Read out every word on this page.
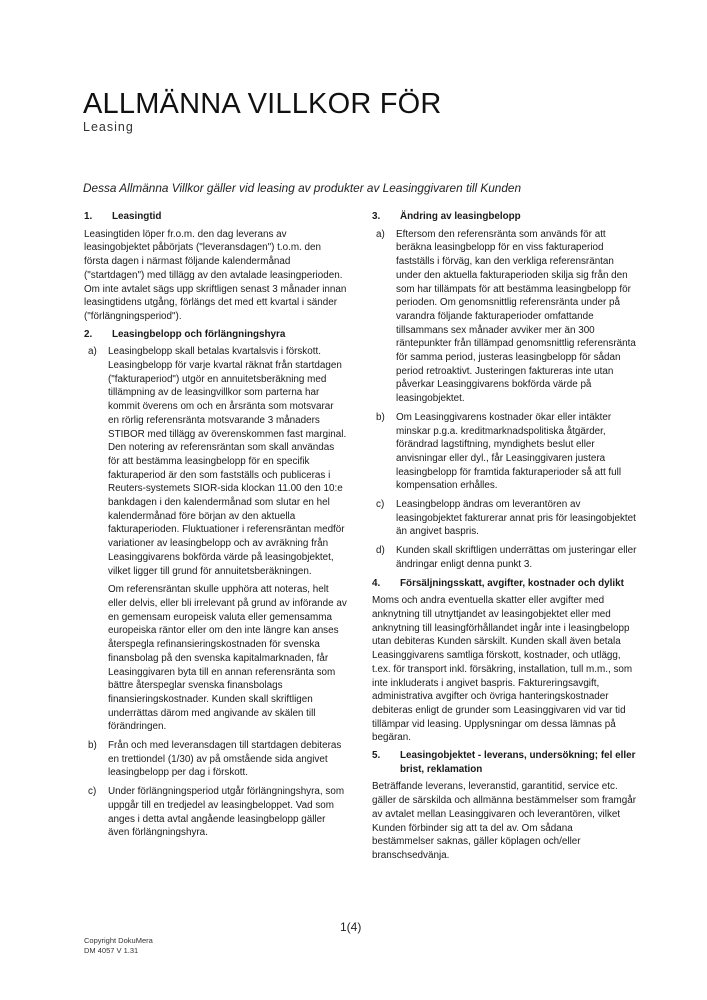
ALLMÄNNA VILLKOR FÖR
Leasing
Dessa Allmänna Villkor gäller vid leasing av produkter av Leasinggivaren till Kunden
1.	Leasingtid
Leasingtiden löper fr.o.m. den dag leverans av leasingobjektet påbörjats ("leveransdagen") t.o.m. den första dagen i närmast följande kalendermånad ("startdagen") med tillägg av den avtalade leasingperioden. Om inte avtalet sägs upp skriftligen senast 3 månader innan leasingtidens utgång, förlängs det med ett kvartal i sänder ("förlängningsperiod").
2.	Leasingbelopp och förlängningshyra
a)	Leasingbelopp skall betalas kvartalsvis i förskott. Leasingbelopp för varje kvartal räknat från startdagen ("fakturaperiod") utgör en annuitetsberäkning med tillämpning av de leasingvillkor som parterna har kommit överens om och en årsränta som motsvarar en rörlig referensränta motsvarande 3 månaders STIBOR med tillägg av överenskommen fast marginal. Den notering av referensräntan som skall användas för att bestämma leasingbelopp för en specifik fakturaperiod är den som fastställs och publiceras i Reuters-systemets SIOR-sida klockan 11.00 den 10:e bankdagen i den kalendermånad som slutar en hel kalendermånad före början av den aktuella fakturaperioden. Fluktuationer i referensräntan medför variationer av leasingbelopp och av avräkning från Leasinggivarens bokförda värde på leasingobjektet, vilket ligger till grund för annuitetsberäkningen.
Om referensräntan skulle upphöra att noteras, helt eller delvis, eller bli irrelevant på grund av införande av en gemensam europeisk valuta eller gemensamma europeiska räntor eller om den inte längre kan anses återspegla refinansieringskostnaden för svenska finansbolag på den svenska kapitalmarknaden, får Leasinggivaren byta till en annan referensränta som bättre återspeglar svenska finansbolags finansieringskostnader. Kunden skall skriftligen underrättas därom med angivande av skälen till förändringen.
b)	Från och med leveransdagen till startdagen debiteras en trettiondel (1/30) av på omstående sida angivet leasingbelopp per dag i förskott.
c)	Under förlängningsperiod utgår förlängningshyra, som uppgår till en tredjedel av leasingbeloppet. Vad som anges i detta avtal angående leasingbelopp gäller även förlängningshyra.
3.	Ändring av leasingbelopp
a)	Eftersom den referensränta som används för att beräkna leasingbelopp för en viss fakturaperiod fastställs i förväg, kan den verkliga referensräntan under den aktuella fakturaperioden skilja sig från den som har tillämpats för att bestämma leasingbelopp för perioden. Om genomsnittlig referensränta under på varandra följande fakturaperioder omfattande tillsammans sex månader avviker mer än 300 räntepunkter från tillämpad genomsnittlig referensränta för samma period, justeras leasingbelopp för sådan period retroaktivt. Justeringen faktureras inte utan påverkar Leasinggivarens bokförda värde på leasingobjektet.
b)	Om Leasinggivarens kostnader ökar eller intäkter minskar p.g.a. kreditmarknadspolitiska åtgärder, förändrad lagstiftning, myndighets beslut eller anvisningar eller dyl., får Leasinggivaren justera leasingbelopp för framtida fakturaperioder så att full kompensation erhålles.
c)	Leasingbelopp ändras om leverantören av leasingobjektet fakturerar annat pris för leasingobjektet än angivet baspris.
d)	Kunden skall skriftligen underrättas om justeringar eller ändringar enligt denna punkt 3.
4.	Försäljningsskatt, avgifter, kostnader och dylikt
Moms och andra eventuella skatter eller avgifter med anknytning till utnyttjandet av leasingobjektet eller med anknytning till leasingförhållandet ingår inte i leasingbelopp utan debiteras Kunden särskilt. Kunden skall även betala Leasinggivarens samtliga förskott, kostnader, och utlägg, t.ex. för transport inkl. försäkring, installation, tull m.m., som inte inkluderats i angivet baspris. Faktureringsavgift, administrativa avgifter och övriga hanteringskostnader debiteras enligt de grunder som Leasinggivaren vid var tid tillämpar vid leasing. Upplysningar om dessa lämnas på begäran.
5.	Leasingobjektet - leverans, undersökning; fel eller brist, reklamation
Beträffande leverans, leveranstid, garantitid, service etc. gäller de särskilda och allmänna bestämmelser som framgår av avtalet mellan Leasinggivaren och leverantören, vilket Kunden förbinder sig att ta del av. Om sådana bestämmelser saknas, gäller köplagen och/eller branschsedvänja.
1(4)
Copyright DokuMera
DM 4057 V 1.31
